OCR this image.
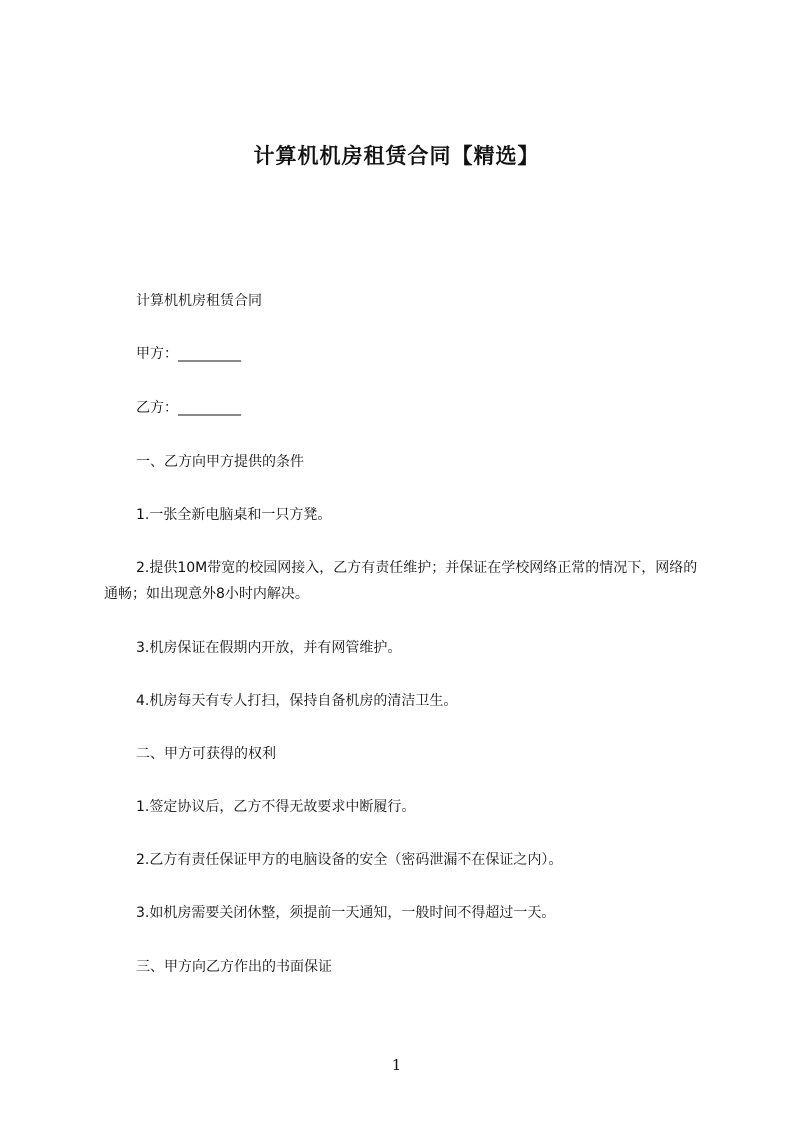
计算机机房租赁合同【精选】
计算机机房租赁合同
甲方：_________
乙方：_________
一、乙方向甲方提供的条件
1.一张全新电脑桌和一只方凳。
2.提供10M带宽的校园网接入，乙方有责任维护；并保证在学校网络正常的情况下，网络的通畅；如出现意外8小时内解决。
3.机房保证在假期内开放，并有网管维护。
4.机房每天有专人打扫，保持自备机房的清洁卫生。
二、甲方可获得的权利
1.签定协议后，乙方不得无故要求中断履行。
2.乙方有责任保证甲方的电脑设备的安全（密码泄漏不在保证之内）。
3.如机房需要关闭休整，须提前一天通知，一般时间不得超过一天。
三、甲方向乙方作出的书面保证
1
